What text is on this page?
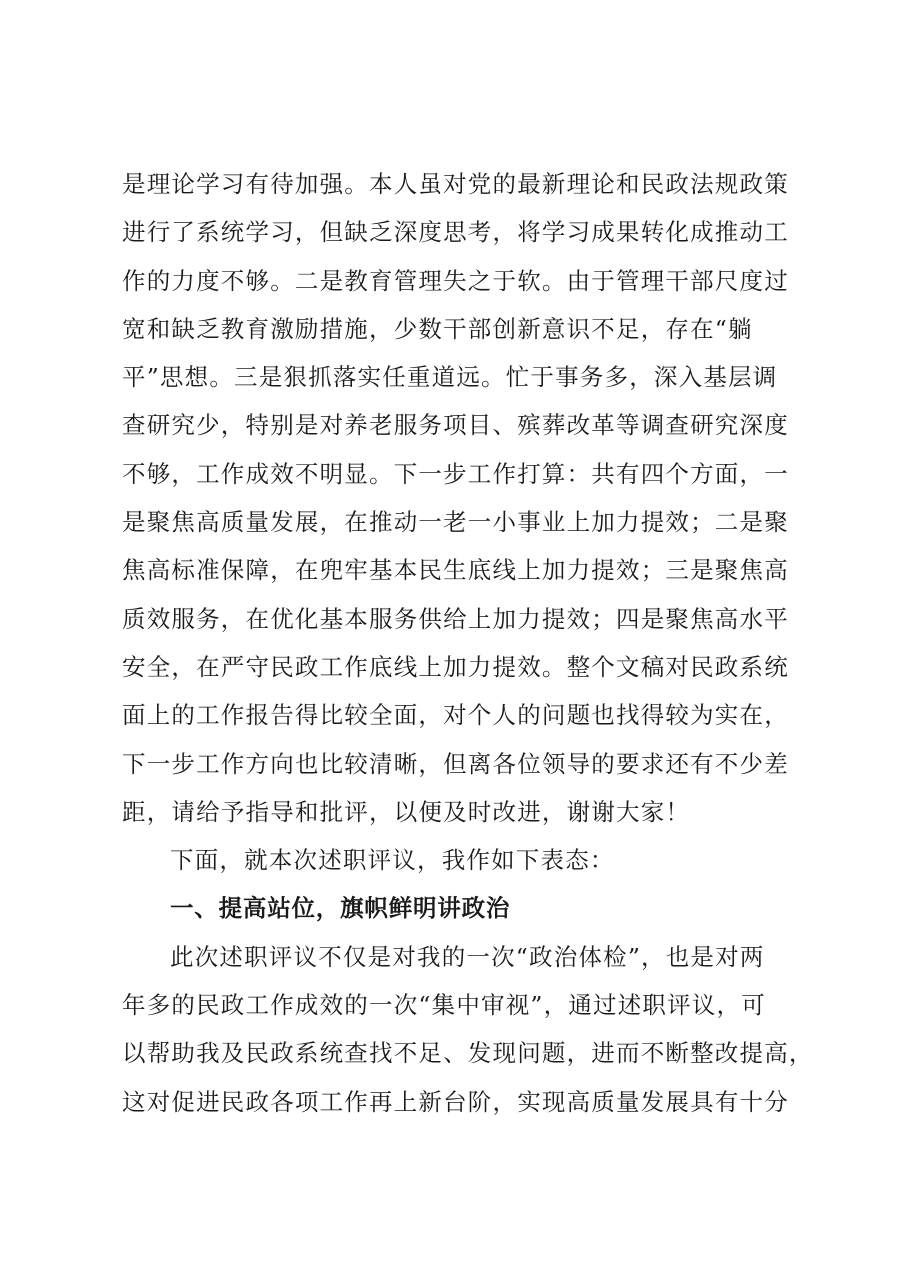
是理论学习有待加强。本人虽对党的最新理论和民政法规政策
进行了系统学习，但缺乏深度思考，将学习成果转化成推动工
作的力度不够。二是教育管理失之于软。由于管理干部尺度过
宽和缺乏教育激励措施，少数干部创新意识不足，存在“躺
平”思想。三是狠抓落实任重道远。忙于事务多，深入基层调
查研究少，特别是对养老服务项目、殡葬改革等调查研究深度
不够，工作成效不明显。下一步工作打算：共有四个方面，一
是聚焦高质量发展，在推动一老一小事业上加力提效；二是聚
焦高标准保障，在兜牢基本民生底线上加力提效；三是聚焦高
质效服务，在优化基本服务供给上加力提效；四是聚焦高水平
安全，在严守民政工作底线上加力提效。整个文稿对民政系统
面上的工作报告得比较全面，对个人的问题也找得较为实在，
下一步工作方向也比较清晰，但离各位领导的要求还有不少差
距，请给予指导和批评，以便及时改进，谢谢大家！
下面，就本次述职评议，我作如下表态：
一、提高站位，旗帜鲜明讲政治
此次述职评议不仅是对我的一次“政治体检”，也是对两
年多的民政工作成效的一次“集中审视”，通过述职评议，可
以帮助我及民政系统查找不足、发现问题，进而不断整改提高，
这对促进民政各项工作再上新台阶，实现高质量发展具有十分
